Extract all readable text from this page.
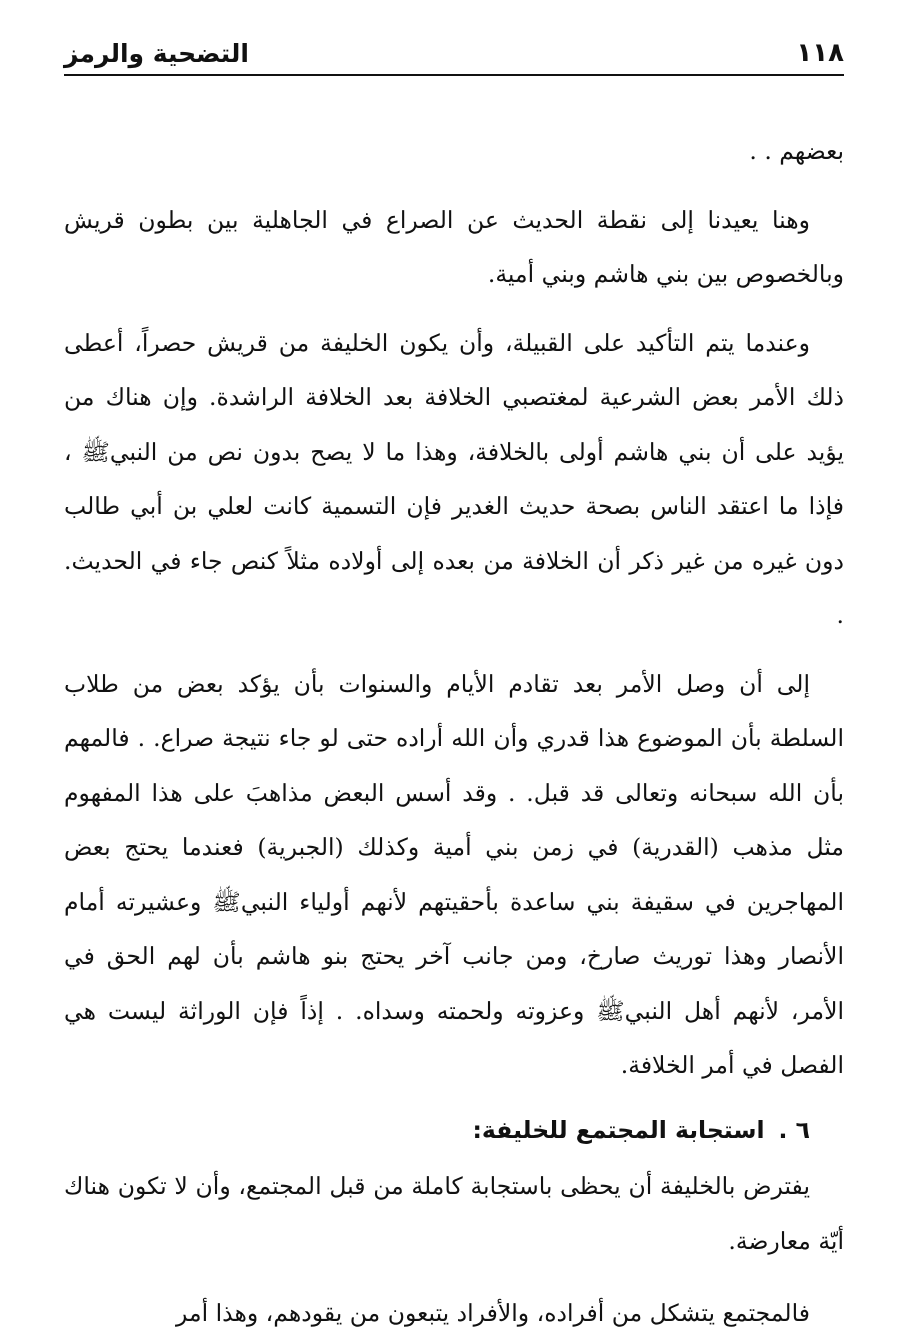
١١٨
التضحية والرمز

بعضهم . .

وهنا يعيدنا إلى نقطة الحديث عن الصراع في الجاهلية بين بطون قريش وبالخصوص بين بني هاشم وبني أمية.

وعندما يتم التأكيد على القبيلة، وأن يكون الخليفة من قريش حصراً، أعطى ذلك الأمر بعض الشرعية لمغتصبي الخلافة بعد الخلافة الراشدة. وإن هناك من يؤيد على أن بني هاشم أولى بالخلافة، وهذا ما لا يصح بدون نص من النبيﷺ ، فإذا ما اعتقد الناس بصحة حديث الغدير فإن التسمية كانت لعلي بن أبي طالب دون غيره من غير ذكر أن الخلافة من بعده إلى أولاده مثلاً كنص جاء في الحديث. .

إلى أن وصل الأمر بعد تقادم الأيام والسنوات بأن يؤكد بعض من طلاب السلطة بأن الموضوع هذا قدري وأن الله أراده حتى لو جاء نتيجة صراع. . فالمهم بأن الله سبحانه وتعالى قد قبل. . وقد أسس البعض مذاهبَ على هذا المفهوم مثل مذهب (القدرية) في زمن بني أمية وكذلك (الجبرية) فعندما يحتج بعض المهاجرين في سقيفة بني ساعدة بأحقيتهم لأنهم أولياء النبيﷺ وعشيرته أمام الأنصار وهذا توريث صارخ، ومن جانب آخر يحتج بنو هاشم بأن لهم الحق في الأمر، لأنهم أهل النبيﷺ وعزوته ولحمته وسداه. . إذاً فإن الوراثة ليست هي الفصل في أمر الخلافة.

٦ .استجابة المجتمع للخليفة:

يفترض بالخليفة أن يحظى باستجابة كاملة من قبل المجتمع، وأن لا تكون هناك أيّة معارضة.

فالمجتمع يتشكل من أفراده، والأفراد يتبعون من يقودهم، وهذا أمر
